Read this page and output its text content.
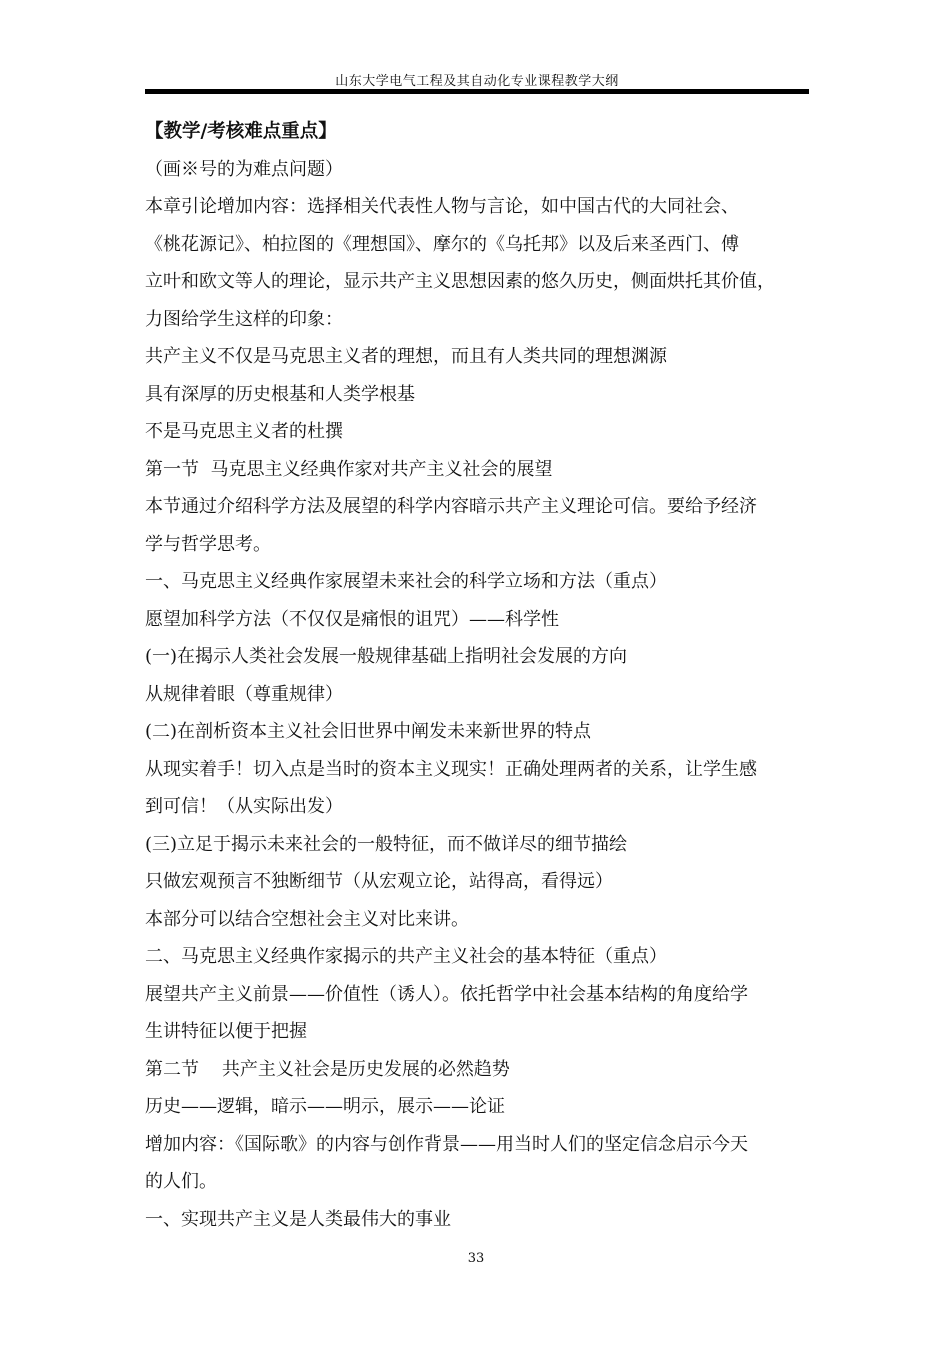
山东大学电气工程及其自动化专业课程教学大纲
【教学/考核难点重点】
（画※号的为难点问题）
本章引论增加内容：选择相关代表性人物与言论，如中国古代的大同社会、
《桃花源记》、柏拉图的《理想国》、摩尔的《乌托邦》以及后来圣西门、傅
立叶和欧文等人的理论，显示共产主义思想因素的悠久历史，侧面烘托其价值，
力图给学生这样的印象：
共产主义不仅是马克思主义者的理想，而且有人类共同的理想渊源
具有深厚的历史根基和人类学根基
不是马克思主义者的杜撰
第一节  马克思主义经典作家对共产主义社会的展望
本节通过介绍科学方法及展望的科学内容暗示共产主义理论可信。要给予经济
学与哲学思考。
一、马克思主义经典作家展望未来社会的科学立场和方法（重点）
愿望加科学方法（不仅仅是痛恨的诅咒）——科学性
(一)在揭示人类社会发展一般规律基础上指明社会发展的方向
从规律着眼（尊重规律）
(二)在剖析资本主义社会旧世界中阐发未来新世界的特点
从现实着手！切入点是当时的资本主义现实！正确处理两者的关系，让学生感
到可信！（从实际出发）
(三)立足于揭示未来社会的一般特征，而不做详尽的细节描绘
只做宏观预言不独断细节（从宏观立论，站得高，看得远）
本部分可以结合空想社会主义对比来讲。
二、马克思主义经典作家揭示的共产主义社会的基本特征（重点）
展望共产主义前景——价值性（诱人）。依托哲学中社会基本结构的角度给学
生讲特征以便于把握
第二节    共产主义社会是历史发展的必然趋势
历史——逻辑，暗示——明示，展示——论证
增加内容：《国际歌》的内容与创作背景——用当时人们的坚定信念启示今天
的人们。
一、实现共产主义是人类最伟大的事业
33
